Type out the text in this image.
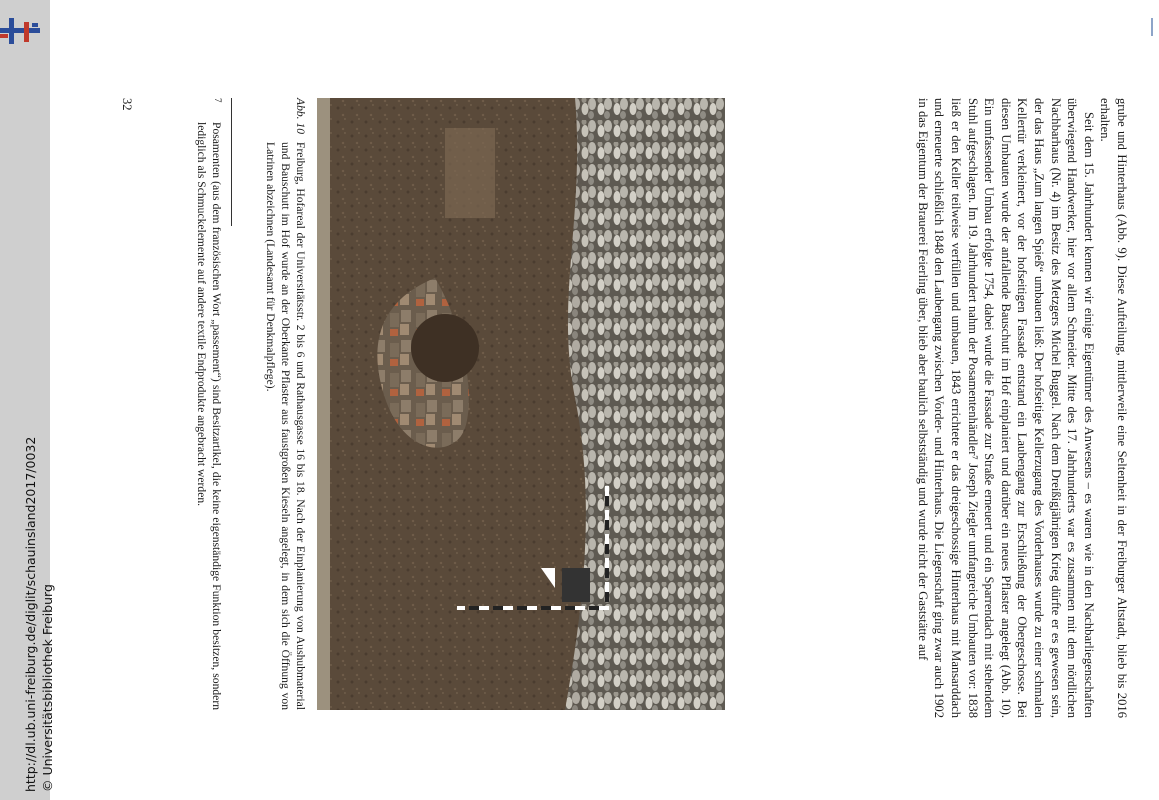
http://dl.ub.uni-freiburg.de/diglit/schauinsland2017/0032 © Universitätsbibliothek Freiburg	grube und Hinterhaus (Abb. 9). Diese Aufteilung, mittlerweile eine Seltenheit in der Freiburger Altstadt, blieb bis 2016 erhalten.

Seit dem 15. Jahrhundert kennen wir einige Eigentümer des Anwesens – es waren wie in den Nachbarliegenschaften überwiegend Handwerker, hier vor allem Schneider. Mitte des 17. Jahrhunderts war es zusammen mit dem nördlichen Nachbarhaus (Nr. 4) im Besitz des Metzgers Michel Buggel. Nach dem Dreißigjährigen Krieg dürfte er es gewesen sein, der das Haus „Zum langen Spieß“ umbauen ließ: Der hofseitige Kellerzugang des Vorderhauses wurde zu einer schmalen Kellertür verkleinert, vor der hofseitigen Fassade entstand ein Laubengang zur Erschließung der Obergeschosse. Bei diesen Umbauten wurde der anfallende Bauschutt im Hof einplaniert und darüber ein neues Pflaster angelegt (Abb. 10). Ein umfassender Umbau erfolgte 1754, dabei wurde die Fassade zur Straße erneuert und ein Sparrendach mit stehendem Stuhl aufgeschlagen. Im 19. Jahrhundert nahm der Posamentenhändler⁷ Joseph Ziegler umfangreiche Umbauten vor: 1838 ließ er den Keller teilweise verfüllen und umbauen, 1843 errichtete er das dreigeschossige Hinterhaus mit Mansarddach und erneuerte schließlich 1848 den Laubengang zwischen Vorder- und Hinterhaus. Die Liegenschaft ging zwar auch 1902 in das Eigentum der Brauerei Feierling über, blieb aber baulich selbstständig und wurde nicht der Gaststätte auf

Abb. 10
Freiburg, Hofareal der Universitätsstr. 2 bis 6 und Rathausgasse 16 bis 18. Nach der Einplanierung von Aushubmaterial und Bauschutt im Hof wurde an der Oberkante Pflaster aus faustgroßen Kieseln angelegt, in dem sich die Öffnung von Latrinen abzeichnen (Landesamt für Denkmalpflege).
7
Posamenten (aus dem französischen Wort „passement“) sind Besitzartikel, die keine eigenständige Funktion besitzen, sondern lediglich als Schmuckelemente auf andere textile Endprodukte angebracht werden.
32
